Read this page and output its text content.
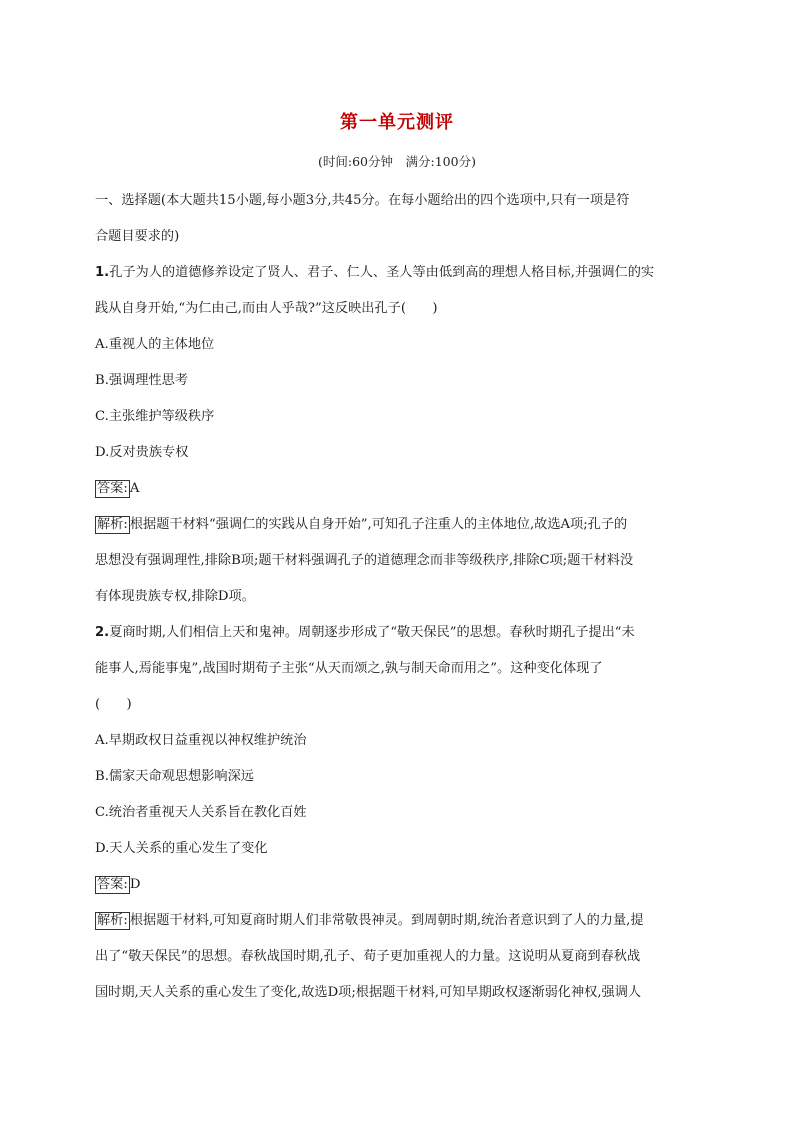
第一单元测评
(时间:60分钟　满分:100分)

一、选择题(本大题共15小题,每小题3分,共45分。在每小题给出的四个选项中,只有一项是符

合题目要求的)

1.孔子为人的道德修养设定了贤人、君子、仁人、圣人等由低到高的理想人格目标,并强调仁的实

践从自身开始,“为仁由己,而由人乎哉?”这反映出孔子(　　)

A.重视人的主体地位

B.强调理性思考

C.主张维护等级秩序

D.反对贵族专权

答案: A

解析: 根据题干材料“强调仁的实践从自身开始”,可知孔子注重人的主体地位,故选A项;孔子的

思想没有强调理性,排除B项;题干材料强调孔子的道德理念而非等级秩序,排除C项;题干材料没

有体现贵族专权,排除D项。

2.夏商时期,人们相信上天和鬼神。周朝逐步形成了“敬天保民”的思想。春秋时期孔子提出“未

能事人,焉能事鬼”,战国时期荀子主张“从天而颂之,孰与制天命而用之”。这种变化体现了

(　　)

A.早期政权日益重视以神权维护统治

B.儒家天命观思想影响深远

C.统治者重视天人关系旨在教化百姓

D.天人关系的重心发生了变化

答案: D

解析: 根据题干材料,可知夏商时期人们非常敬畏神灵。到周朝时期,统治者意识到了人的力量,提

出了“敬天保民”的思想。春秋战国时期,孔子、荀子更加重视人的力量。这说明从夏商到春秋战

国时期,天人关系的重心发生了变化,故选D项;根据题干材料,可知早期政权逐渐弱化神权,强调人
